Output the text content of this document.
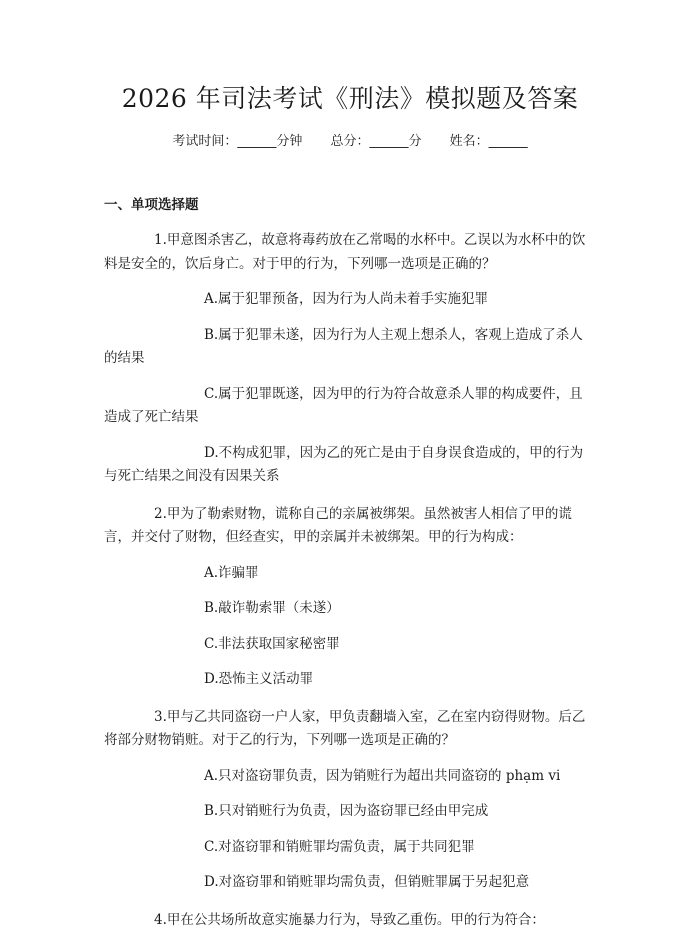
2026 年司法考试《刑法》模拟题及答案
考试时间：______分钟 总分：______分 姓名：______
一、单项选择题

1.甲意图杀害乙，故意将毒药放在乙常喝的水杯中。乙误以为水杯中的饮料是安全的，饮后身亡。对于甲的行为，下列哪一选项是正确的？

A.属于犯罪预备，因为行为人尚未着手实施犯罪

B.属于犯罪未遂，因为行为人主观上想杀人，客观上造成了杀人的结果

C.属于犯罪既遂，因为甲的行为符合故意杀人罪的构成要件，且造成了死亡结果

D.不构成犯罪，因为乙的死亡是由于自身误食造成的，甲的行为与死亡结果之间没有因果关系

2.甲为了勒索财物，谎称自己的亲属被绑架。虽然被害人相信了甲的谎言，并交付了财物，但经查实，甲的亲属并未被绑架。甲的行为构成：

A.诈骗罪

B.敲诈勒索罪（未遂）

C.非法获取国家秘密罪

D.恐怖主义活动罪

3.甲与乙共同盗窃一户人家，甲负责翻墙入室，乙在室内窃得财物。后乙将部分财物销赃。对于乙的行为，下列哪一选项是正确的？

A.只对盗窃罪负责，因为销赃行为超出共同盗窃的 phạm vi

B.只对销赃行为负责，因为盗窃罪已经由甲完成

C.对盗窃罪和销赃罪均需负责，属于共同犯罪

D.对盗窃罪和销赃罪均需负责，但销赃罪属于另起犯意

4.甲在公共场所故意实施暴力行为，导致乙重伤。甲的行为符合：
